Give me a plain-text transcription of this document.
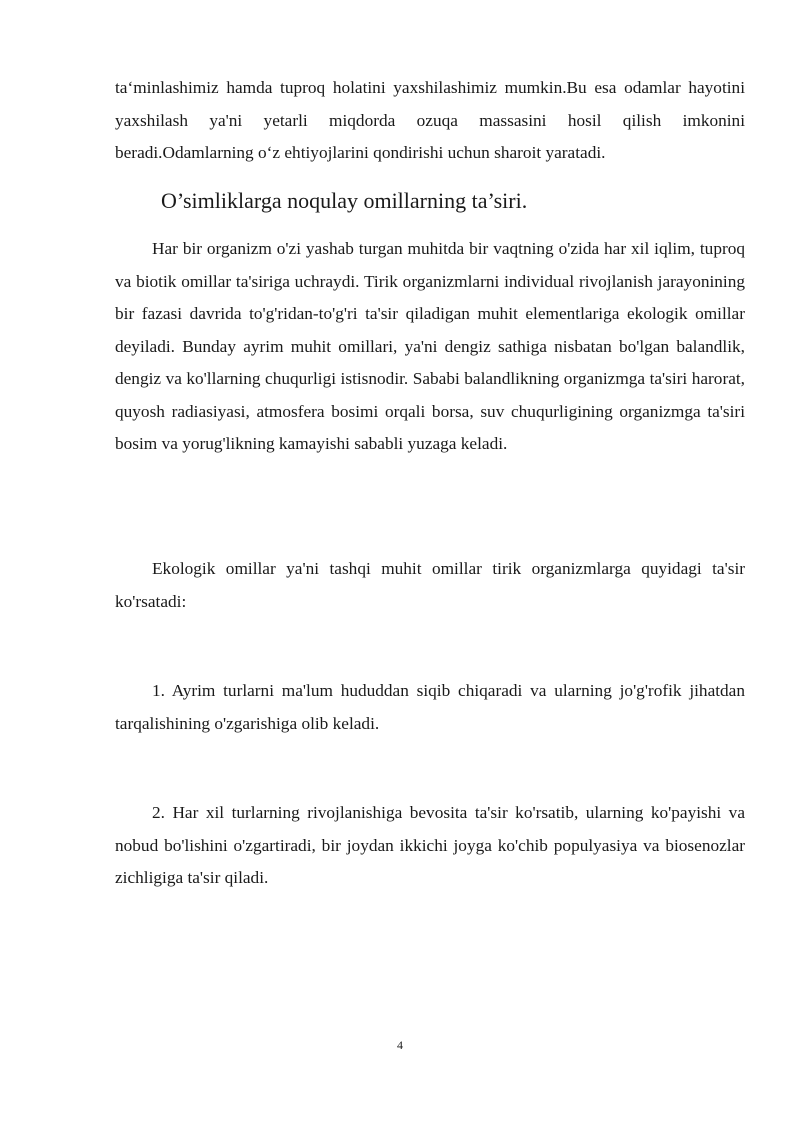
ta‘minlashimiz hamda tuproq holatini yaxshilashimiz mumkin.Bu esa odamlar hayotini yaxshilash ya'ni yetarli miqdorda ozuqa massasini hosil qilish imkonini beradi.Odamlarning o‘z ehtiyojlarini qondirishi uchun sharoit yaratadi.

O’simliklarga noqulay omillarning ta’siri.

Har bir organizm o'zi yashab turgan muhitda bir vaqtning o'zida har xil iqlim, tuproq va biotik omillar ta'siriga uchraydi. Tirik organizmlarni individual rivojlanish jarayonining bir fazasi davrida to'g'ridan-to'g'ri ta'sir qiladigan muhit elementlariga ekologik omillar deyiladi. Bunday ayrim muhit omillari, ya'ni dengiz sathiga nisbatan bo'lgan balandlik, dengiz va ko'llarning chuqurligi istisnodir. Sababi balandlikning organizmga ta'siri harorat, quyosh radiasiyasi, atmosfera bosimi orqali borsa, suv chuqurligining organizmga ta'siri bosim va yorug'likning kamayishi sababli yuzaga keladi.

Ekologik omillar ya'ni tashqi muhit omillar tirik organizmlarga quyidagi ta'sir ko'rsatadi:

1. Ayrim turlarni ma'lum hududdan siqib chiqaradi va ularning jo'g'rofik jihatdan tarqalishining o'zgarishiga olib keladi.

2. Har xil turlarning rivojlanishiga bevosita ta'sir ko'rsatib, ularning ko'payishi va nobud bo'lishini o'zgartiradi, bir joydan ikkichi joyga ko'chib populyasiya va biosenozlar zichligiga ta'sir qiladi.

4
